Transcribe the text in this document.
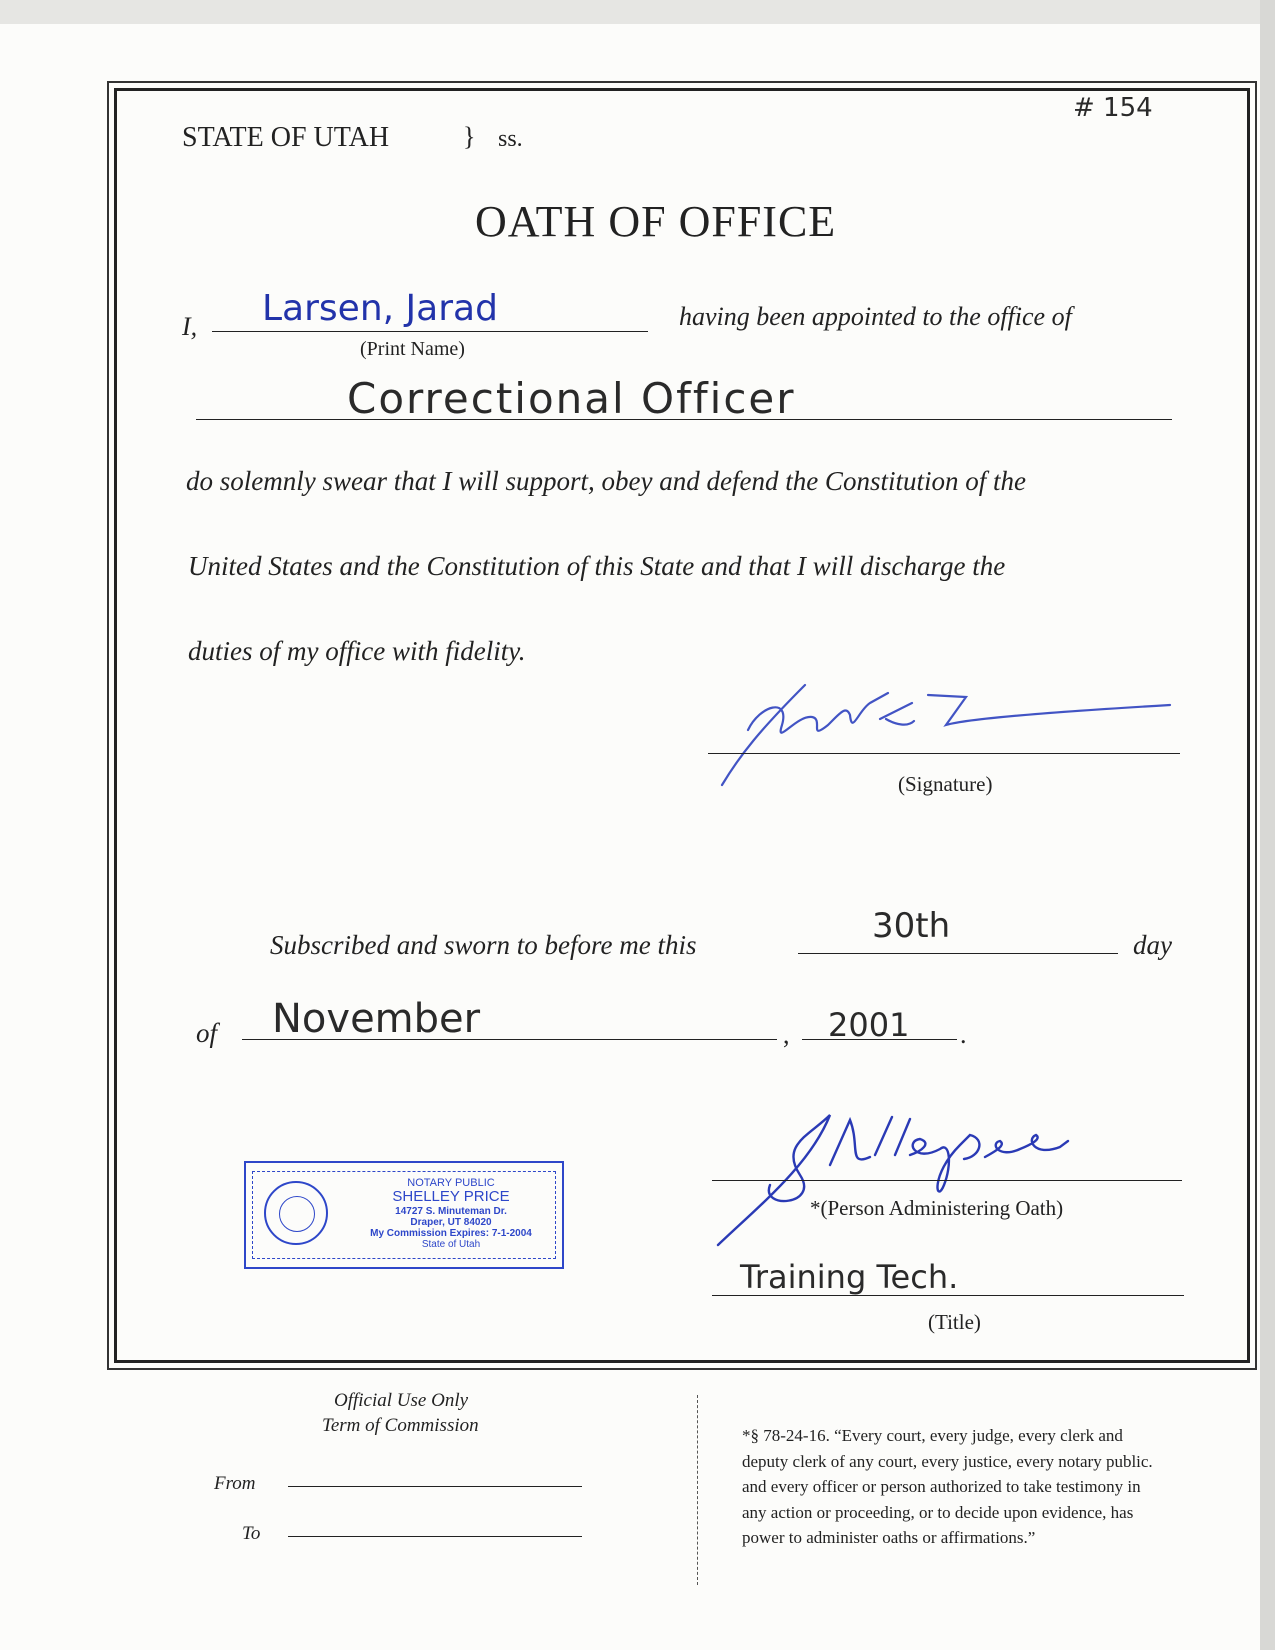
STATE OF UTAH	} ss.
# 154
OATH OF OFFICE
I, Larsen, Jarad
(Print Name)
having been appointed to the office of
Correctional Officer
do solemnly swear that I will support, obey and defend the Constitution of the
United States and the Constitution of this State and that I will discharge the
duties of my office with fidelity.
(Signature)
Subscribed and sworn to before me this	30th	day
of November	, 2001 .
NOTARY PUBLIC
SHELLEY PRICE
14727 S. Minuteman Dr.
Draper, UT 84020
My Commission Expires: 7-1-2004
State of Utah
*(Person Administering Oath)
Training Tech.
(Title)
Official Use Only
Term of Commission
From
To
*§ 78-24-16. “Every court, every judge, every clerk and
deputy clerk of any court, every justice, every notary public.
and every officer or person authorized to take testimony in
any action or proceeding, or to decide upon evidence, has
power to administer oaths or affirmations.”
